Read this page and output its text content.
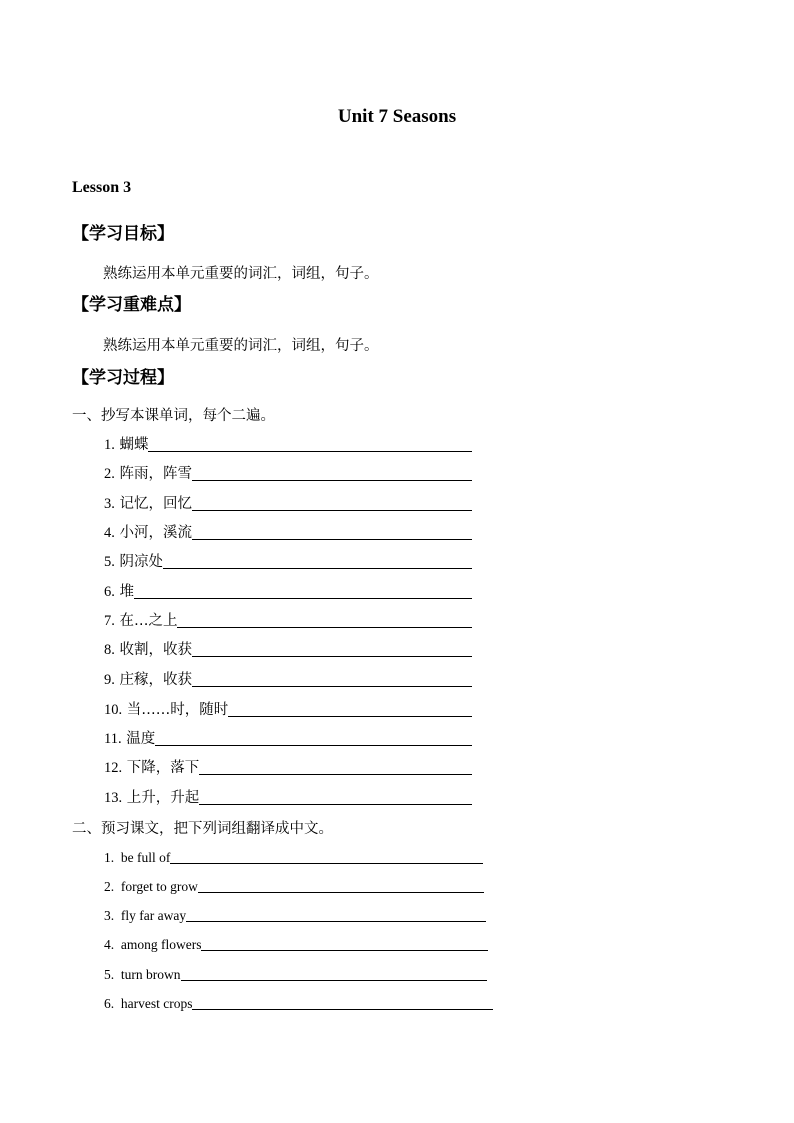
Unit 7 Seasons
Lesson 3
【学习目标】
熟练运用本单元重要的词汇，词组，句子。
【学习重难点】
熟练运用本单元重要的词汇，词组，句子。
【学习过程】
一、抄写本课单词，每个二遍。
1.
蝴蝶
2.
阵雨，阵雪
3.
记忆，回忆
4.
小河，溪流
5.
阴凉处
6.
堆
7.
在…之上
8.
收割，收获
9.
庄稼，收获
10.
当……时，随时
11.
温度
12.
下降，落下
13.
上升，升起
二、预习课文，把下列词组翻译成中文。
1.
be full of
2.
forget to grow
3.
fly far away
4.
among flowers
5.
turn brown
6.
harvest crops
